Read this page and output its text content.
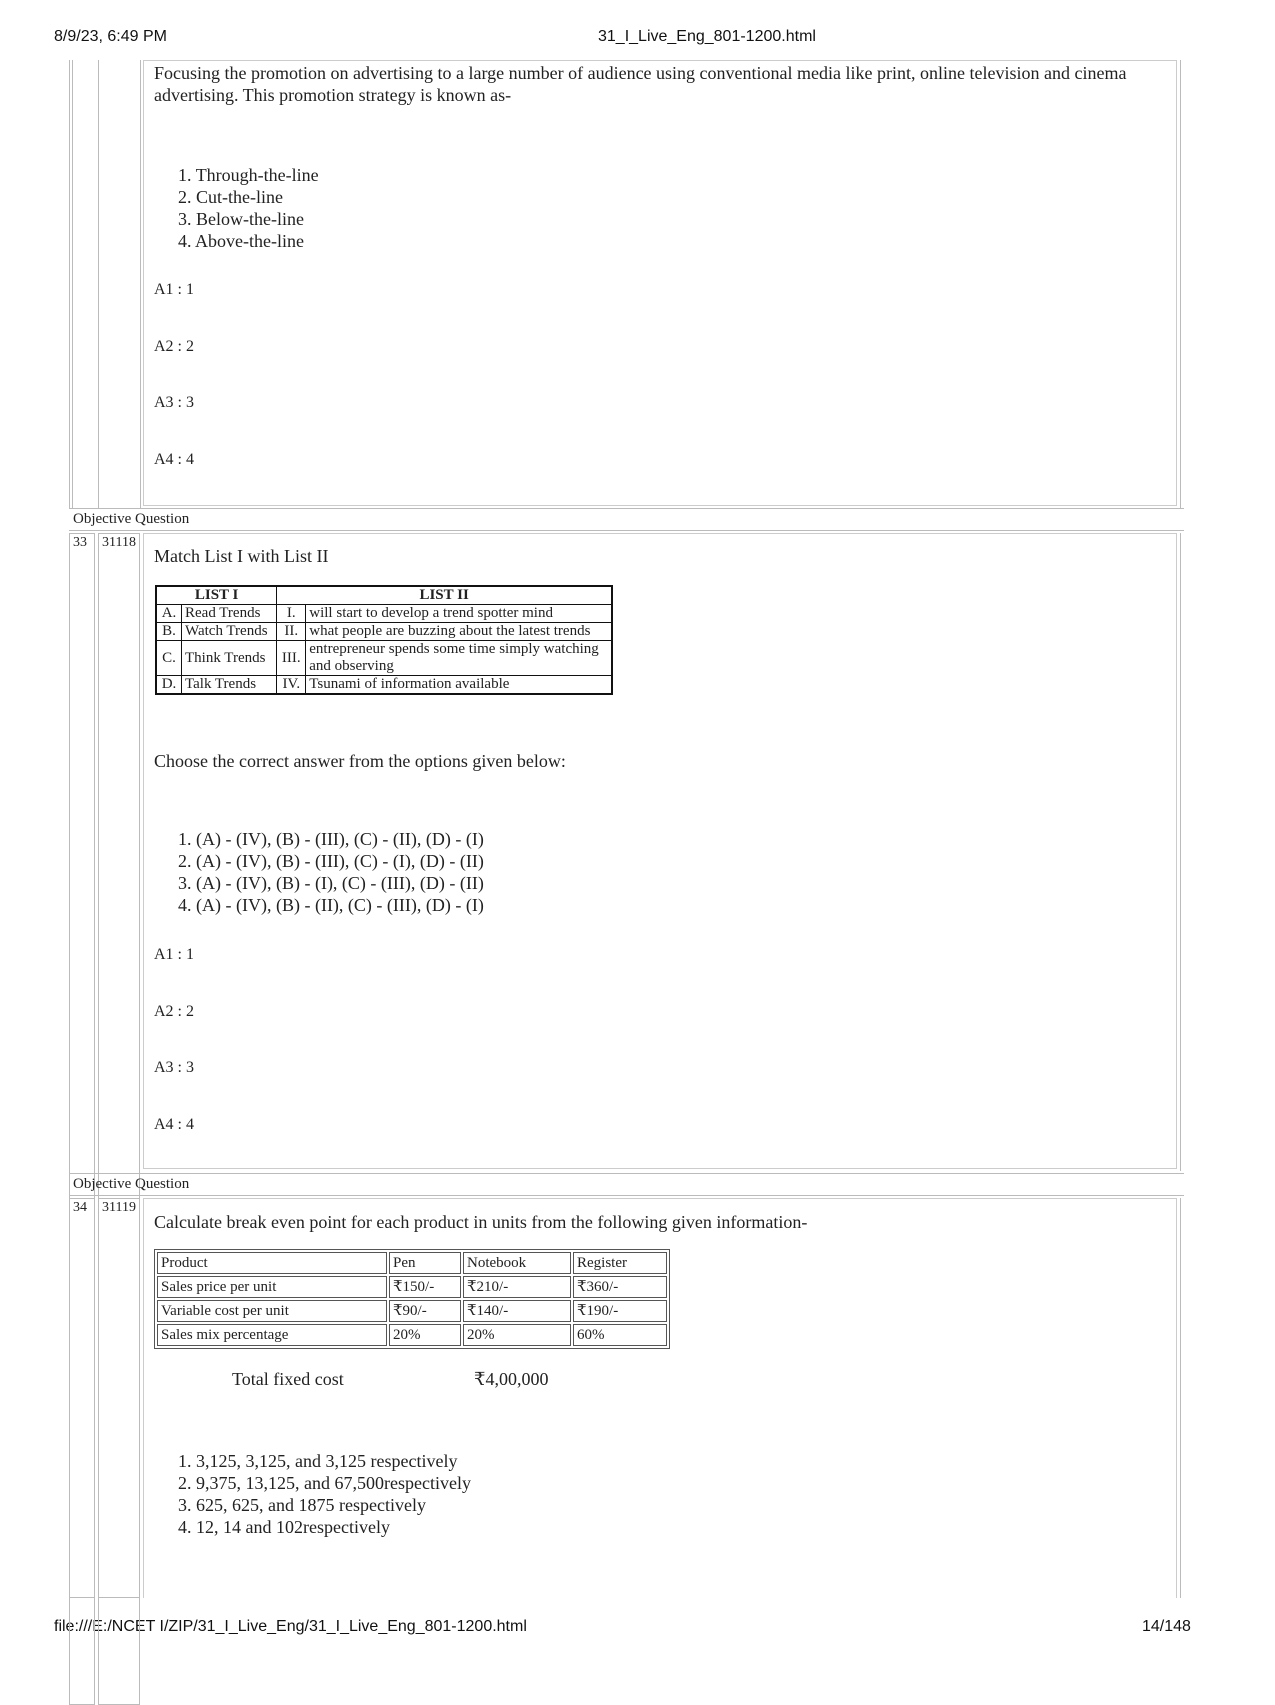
8/9/23, 6:49 PM	31_I_Live_Eng_801-1200.html
file:///E:/NCET I/ZIP/31_I_Live_Eng/31_I_Live_Eng_801-1200.html	14/148
Focusing the promotion on advertising to a large number of audience using conventional media like print, online television and cinema advertising. This promotion strategy is known as-
1. Through-the-line
2. Cut-the-line
3. Below-the-line
4. Above-the-line
A1 : 1
A2 : 2
A3 : 3
A4 : 4
Objective Question
33	31118
Match List I with List II
LIST I		LIST II	
A.	Read Trends	I.	will start to develop a trend spotter mind
B.	Watch Trends	II.	what people are buzzing about the latest trends
C.	Think Trends	III.	entrepreneur spends some time simply watching and observing
D.	Talk Trends	IV.	Tsunami of information available
Choose the correct answer from the options given below:
1. (A) - (IV), (B) - (III), (C) - (II), (D) - (I)
2. (A) - (IV), (B) - (III), (C) - (I), (D) - (II)
3. (A) - (IV), (B) - (I), (C) - (III), (D) - (II)
4. (A) - (IV), (B) - (II), (C) - (III), (D) - (I)
A1 : 1
A2 : 2
A3 : 3
A4 : 4
Objective Question
34	31119
Calculate break even point for each product in units from the following given information-
Product	Pen	Notebook	Register
Sales price per unit	₹150/-	₹210/-	₹360/-
Variable cost per unit	₹90/-	₹140/-	₹190/-
Sales mix percentage	20%	20%	60%
Total fixed cost	₹4,00,000
1. 3,125, 3,125, and 3,125 respectively
2. 9,375, 13,125, and 67,500respectively
3. 625, 625, and 1875 respectively
4. 12, 14 and 102respectively
